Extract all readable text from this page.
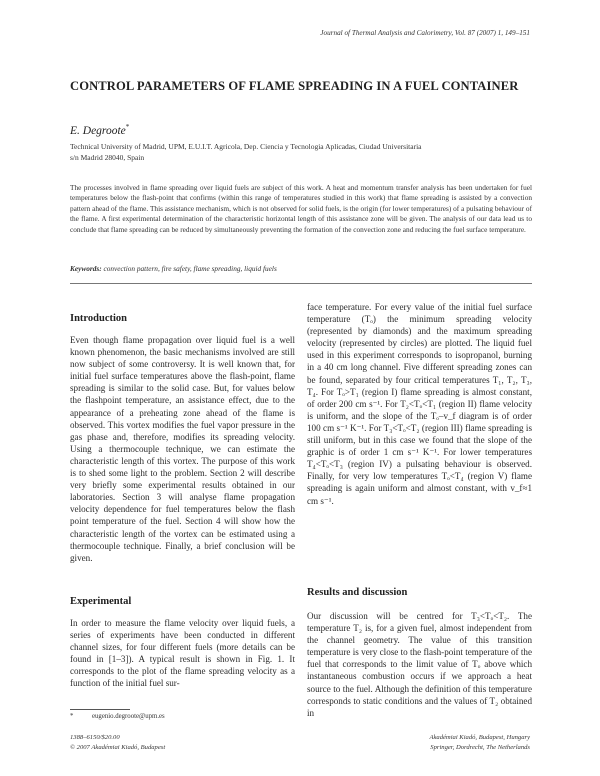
Journal of Thermal Analysis and Calorimetry, Vol. 87 (2007) 1, 149–151
CONTROL PARAMETERS OF FLAME SPREADING IN A FUEL CONTAINER
E. Degroote*
Technical University of Madrid, UPM, E.U.I.T. Agricola, Dep. Ciencia y Tecnologia Aplicadas, Ciudad Universitaria
s/n Madrid 28040, Spain
The processes involved in flame spreading over liquid fuels are subject of this work. A heat and momentum transfer analysis has been undertaken for fuel temperatures below the flash-point that confirms (within this range of temperatures studied in this work) that flame spreading is assisted by a convection pattern ahead of the flame. This assistance mechanism, which is not observed for solid fuels, is the origin (for lower temperatures) of a pulsating behaviour of the flame. A first experimental determination of the characteristic horizontal length of this assistance zone will be given. The analysis of our data lead us to conclude that flame spreading can be reduced by simultaneously preventing the formation of the convection zone and reducing the fuel surface temperature.
Keywords: convection pattern, fire safety, flame spreading, liquid fuels
Introduction

Even though flame propagation over liquid fuel is a well known phenomenon, the basic mechanisms involved are still now subject of some controversy. It is well known that, for initial fuel surface temperatures above the flash-point, flame spreading is similar to the solid case. But, for values below the flashpoint temperature, an assistance effect, due to the appearance of a preheating zone ahead of the flame is observed. This vortex modifies the fuel vapor pressure in the gas phase and, therefore, modifies its spreading velocity. Using a thermocouple technique, we can estimate the characteristic length of this vortex. The purpose of this work is to shed some light to the problem. Section 2 will describe very briefly some experimental results obtained in our laboratories. Section 3 will analyse flame propagation velocity dependence for fuel temperatures below the flash point temperature of the fuel. Section 4 will show how the characteristic length of the vortex can be estimated using a thermocouple technique. Finally, a brief conclusion will be given.

Experimental

In order to measure the flame velocity over liquid fuels, a series of experiments have been conducted in different channel sizes, for four different fuels (more details can be found in [1–3]). A typical result is shown in Fig. 1. It corresponds to the plot of the flame spreading velocity as a function of the initial fuel sur-

face temperature. For every value of the initial fuel surface temperature (Tₒ) the minimum spreading velocity (represented by diamonds) and the maximum spreading velocity (represented by circles) are plotted. The liquid fuel used in this experiment corresponds to isopropanol, burning in a 40 cm long channel. Five different spreading zones can be found, separated by four critical temperatures T₁, T₂, T₃, T₄. For Tₒ>T₁ (region I) flame spreading is almost constant, of order 200 cm s⁻¹. For T₂<Tₒ<T₁ (region II) flame velocity is uniform, and the slope of the Tₒ–v_f diagram is of order 100 cm s⁻¹ K⁻¹. For T₃<Tₒ<T₂ (region III) flame spreading is still uniform, but in this case we found that the slope of the graphic is of order 1 cm s⁻¹ K⁻¹. For lower temperatures T₄<Tₒ<T₃ (region IV) a pulsating behaviour is observed. Finally, for very low temperatures Tₒ<T₄ (region V) flame spreading is again uniform and almost constant, with v_f≈1 cm s⁻¹.

Results and discussion

Our discussion will be centred for T₃<Tₒ<T₂. The temperature T₂ is, for a given fuel, almost independent from the channel geometry. The value of this transition temperature is very close to the flash-point temperature of the fuel that corresponds to the limit value of Tₒ above which instantaneous combustion occurs if we approach a heat source to the fuel. Although the definition of this temperature corresponds to static conditions and the values of T₂ obtained in

*	eugenio.degroote@upm.es
1388–6150/$20.00
© 2007 Akadémiai Kiadó, Budapest
Akadémiai Kiadó, Budapest, Hungary
Springer, Dordrecht, The Netherlands
